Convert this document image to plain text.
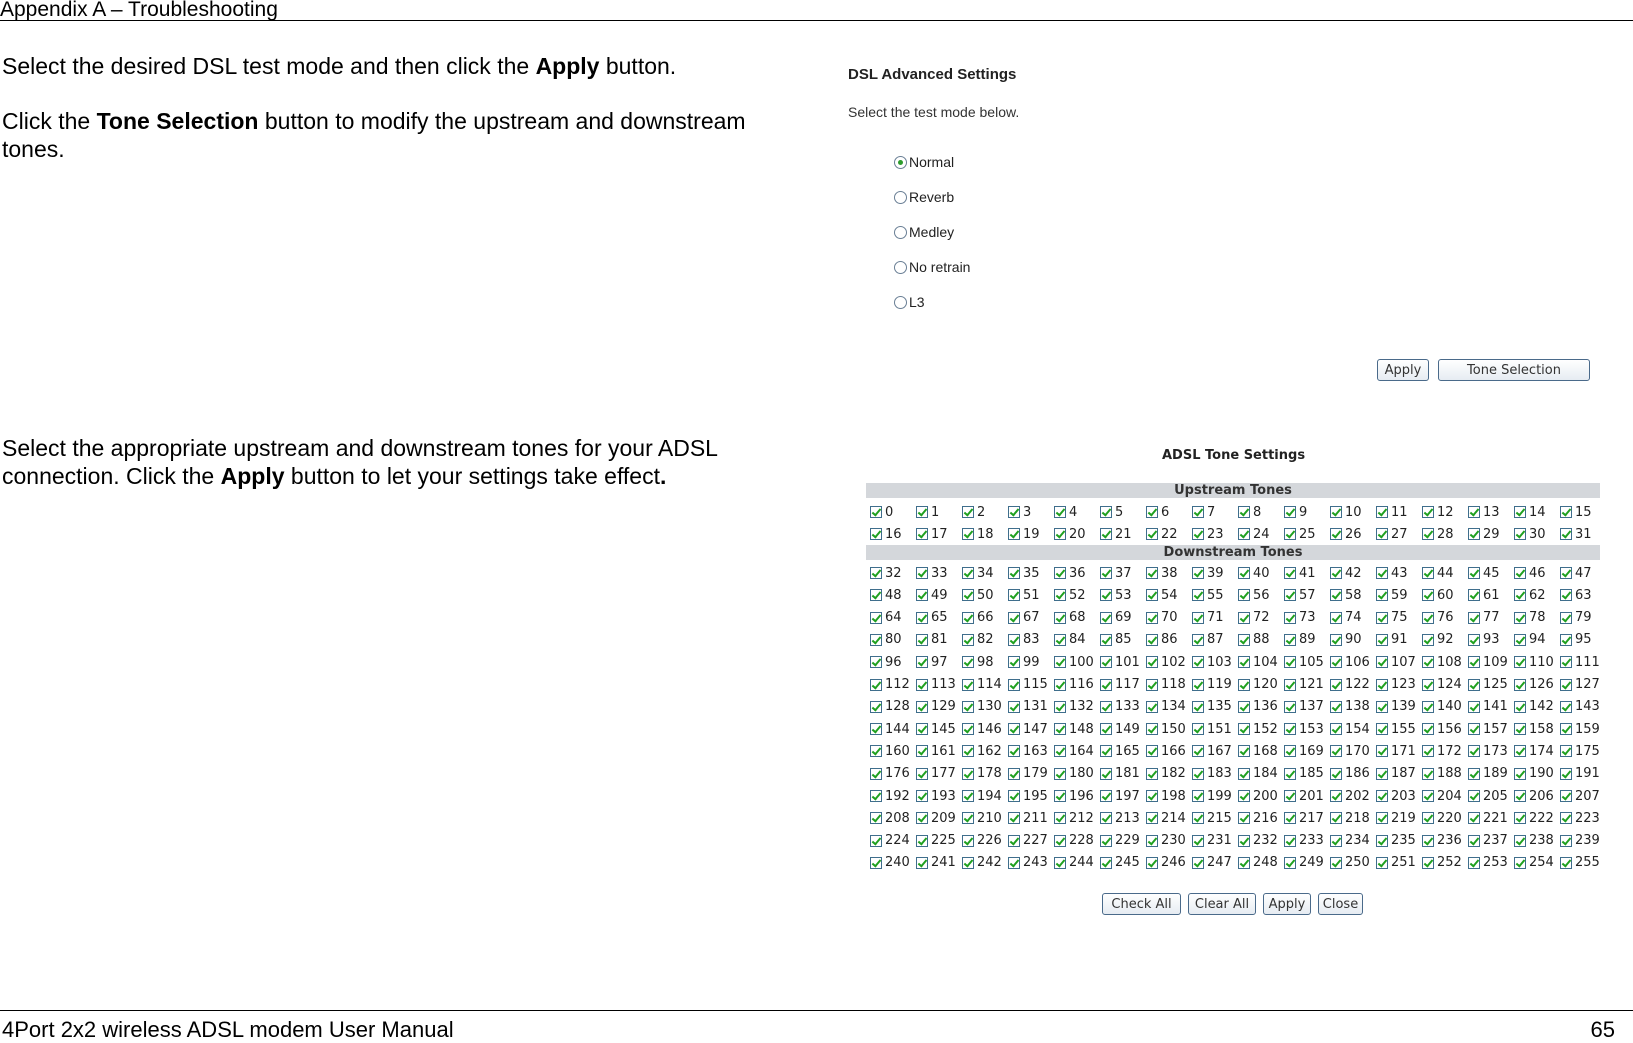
Appendix A – Troubleshooting
Select the desired DSL test mode and then click the Apply button.
Click the Tone Selection button to modify the upstream and downstream tones.
Select the appropriate upstream and downstream tones for your ADSL connection. Click the Apply button to let your settings take effect.
DSL Advanced Settings
Select the test mode below.
Normal
Reverb
Medley
No retrain
L3
Apply	Tone Selection
ADSL Tone Settings
Upstream Tones
0	1	2	3	4	5	6	7	8	9	10 11 12 13 14 15
16 17 18 19 20 21 22 23 24 25 26 27 28 29 30 31
Downstream Tones
32 33 34 35 36 37 38 39 40 41 42 43 44 45 46 47
48 49 50 51 52 53 54 55 56 57 58 59 60 61 62 63
64 65 66 67 68 69 70 71 72 73 74 75 76 77 78 79
80 81 82 83 84 85 86 87 88 89 90 91 92 93 94 95
96 97 98 99 100 101 102 103 104 105 106 107 108 109 110 111
112 113 114 115 116 117 118 119 120 121 122 123 124 125 126 127
128 129 130 131 132 133 134 135 136 137 138 139 140 141 142 143
144 145 146 147 148 149 150 151 152 153 154 155 156 157 158 159
160 161 162 163 164 165 166 167 168 169 170 171 172 173 174 175
176 177 178 179 180 181 182 183 184 185 186 187 188 189 190 191
192 193 194 195 196 197 198 199 200 201 202 203 204 205 206 207
208 209 210 211 212 213 214 215 216 217 218 219 220 221 222 223
224 225 226 227 228 229 230 231 232 233 234 235 236 237 238 239
240 241 242 243 244 245 246 247 248 249 250 251 252 253 254 255
Check All	Clear All	Apply	Close
4Port 2x2 wireless ADSL modem User Manual	65
